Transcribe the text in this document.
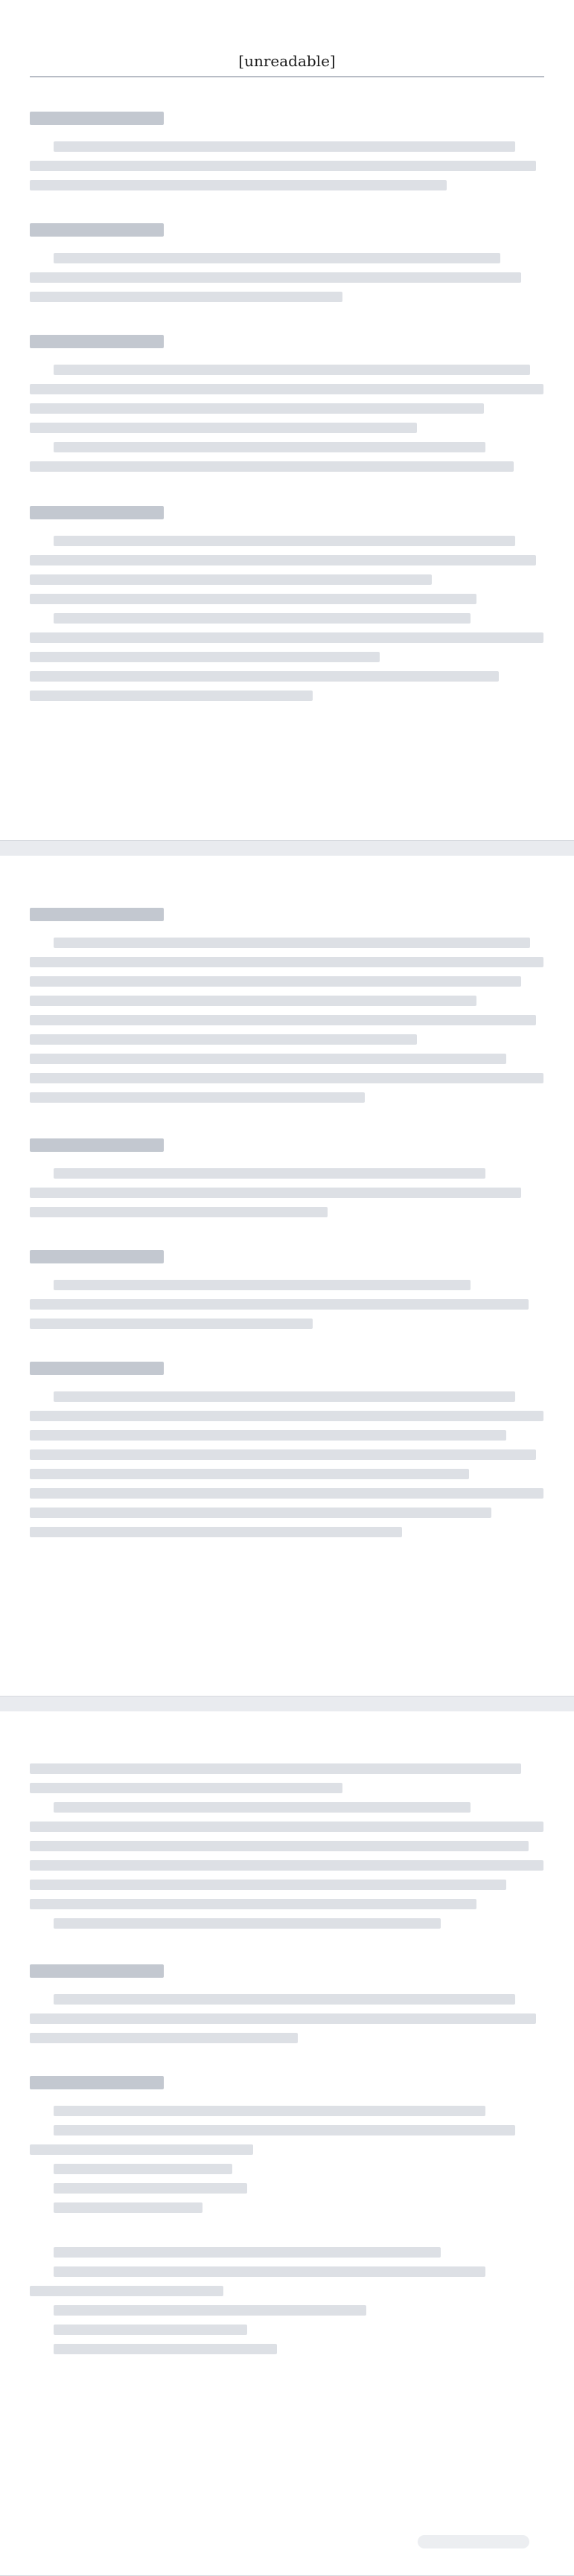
[unreadable]
